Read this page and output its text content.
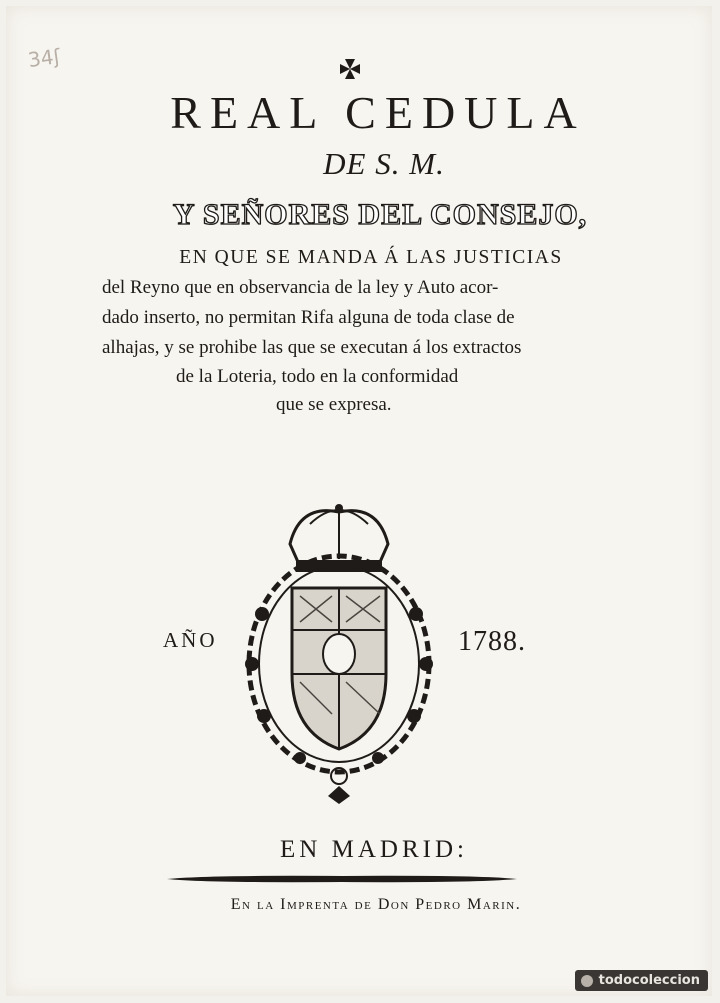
34ʃ
REAL CEDULA
DE S. M.
Y SEÑORES DEL CONSEJO,
EN QUE SE MANDA Á LAS JUSTICIAS
del Reyno que en observancia de la ley y Auto acor-
dado inserto, no permitan Rifa alguna de toda clase de
alhajas, y se prohibe las que se executan á los extractos
de la Loteria, todo en la conformidad
que se expresa.
AÑO	1788.
EN MADRID:
En la Imprenta de Don Pedro Marin.
todocoleccion
